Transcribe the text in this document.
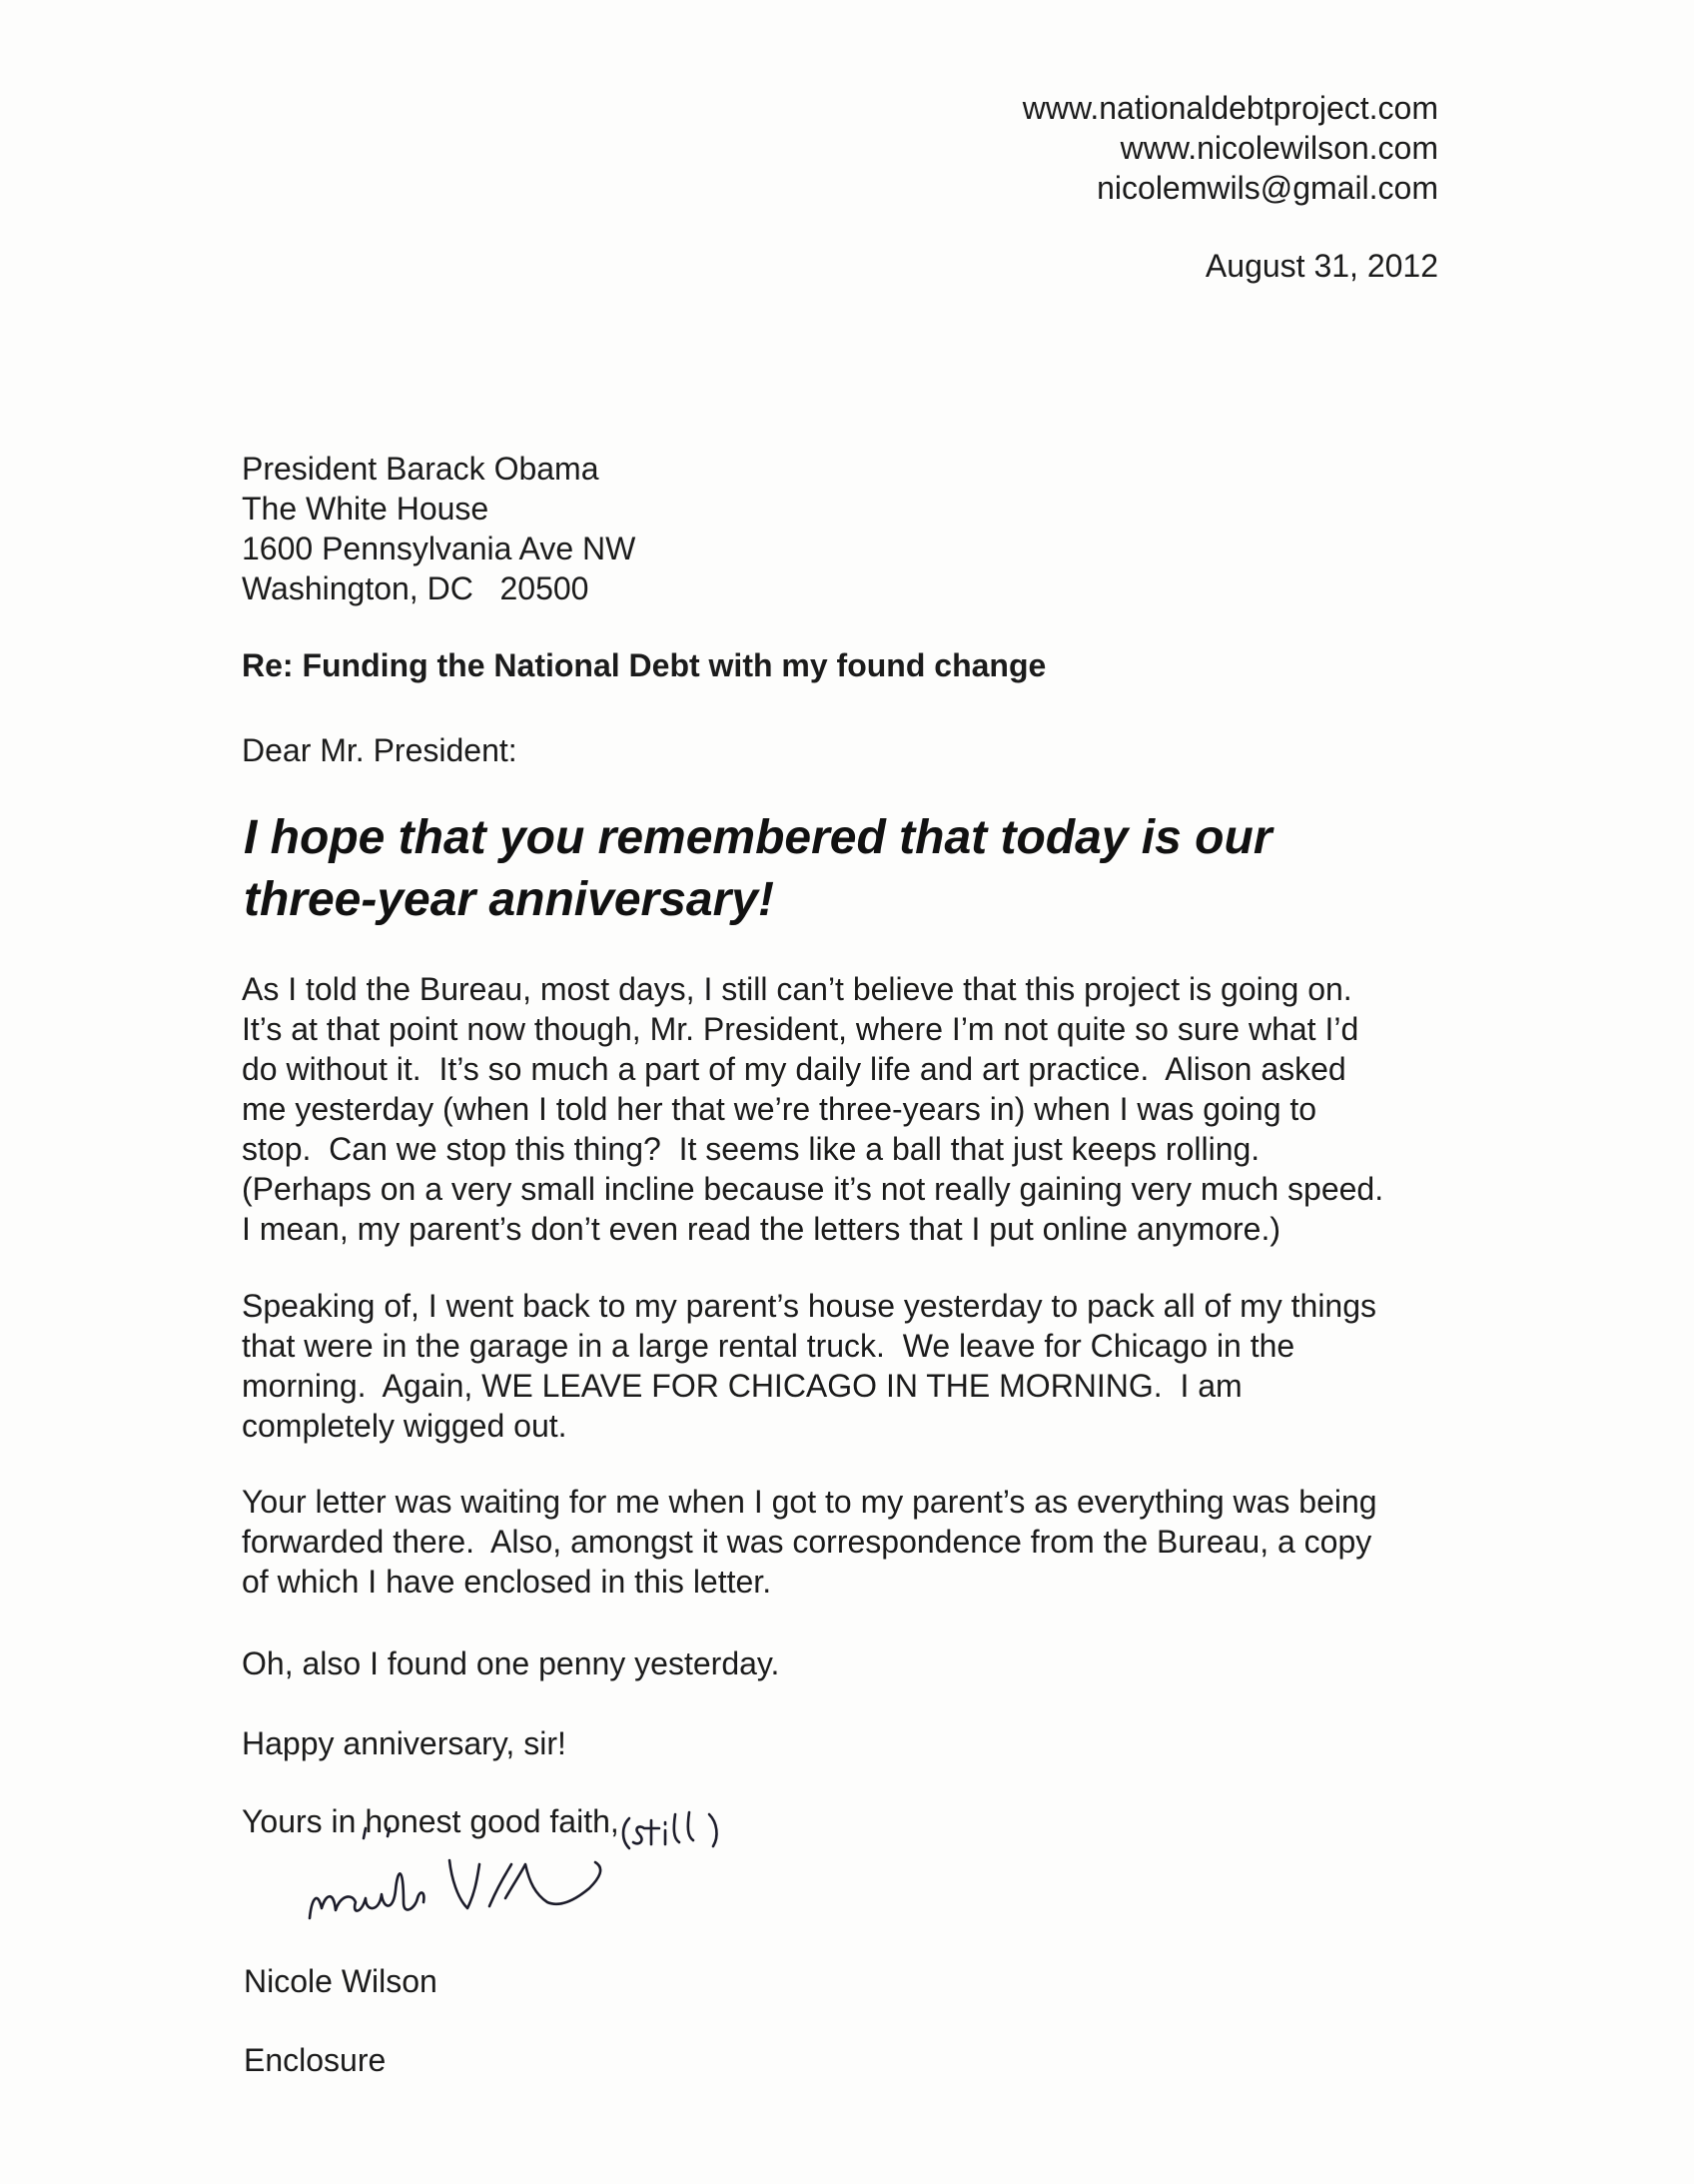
www.nationaldebtproject.com
www.nicolewilson.com
nicolemwils@gmail.com
August 31, 2012
President Barack Obama
The White House
1600 Pennsylvania Ave NW
Washington, DC   20500
Re: Funding the National Debt with my found change
Dear Mr. President:
I hope that you remembered that today is our
three-year anniversary!
As I told the Bureau, most days, I still can’t believe that this project is going on.
It’s at that point now though, Mr. President, where I’m not quite so sure what I’d
do without it.  It’s so much a part of my daily life and art practice.  Alison asked
me yesterday (when I told her that we’re three-years in) when I was going to
stop.  Can we stop this thing?  It seems like a ball that just keeps rolling.
(Perhaps on a very small incline because it’s not really gaining very much speed.
I mean, my parent’s don’t even read the letters that I put online anymore.)
Speaking of, I went back to my parent’s house yesterday to pack all of my things
that were in the garage in a large rental truck.  We leave for Chicago in the
morning.  Again, WE LEAVE FOR CHICAGO IN THE MORNING.  I am
completely wigged out.
Your letter was waiting for me when I got to my parent’s as everything was being
forwarded there.  Also, amongst it was correspondence from the Bureau, a copy
of which I have enclosed in this letter.
Oh, also I found one penny yesterday.
Happy anniversary, sir!
Yours in honest good faith,
Nicole Wilson
Enclosure
